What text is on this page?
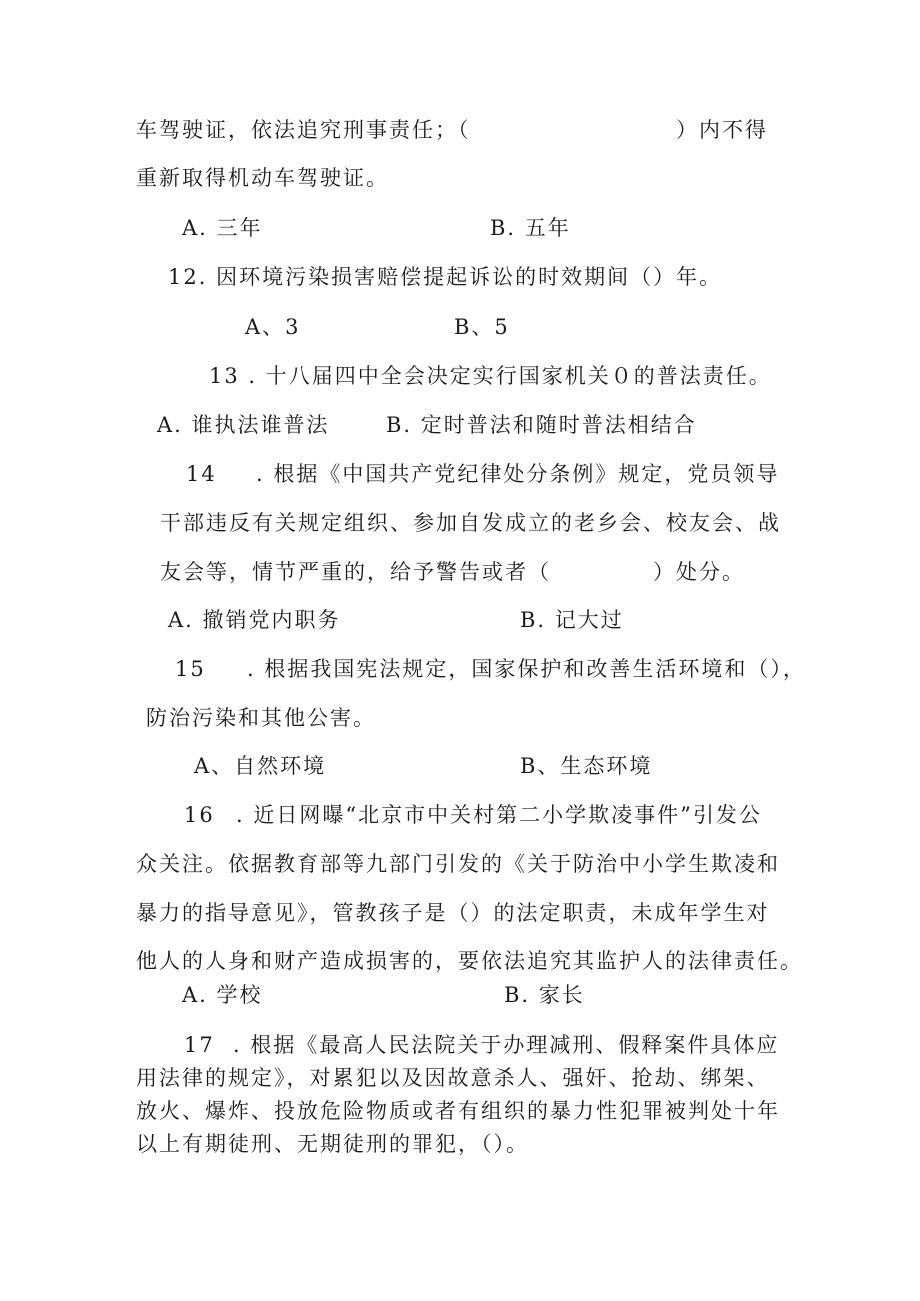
车驾驶证，依法追究刑事责任；（	）内不得
重新取得机动车驾驶证。
A. 三年	B. 五年
12. 因环境污染损害赔偿提起诉讼的时效期间（）年。
A、3	B、5
13 . 十八届四中全会决定实行国家机关０的普法责任。
A. 谁执法谁普法	B. 定时普法和随时普法相结合
14 . 根据《中国共产党纪律处分条例》规定，党员领导
干部违反有关规定组织、参加自发成立的老乡会、校友会、战
友会等，情节严重的，给予警告或者（	）处分。
A. 撤销党内职务	B. 记大过
15 . 根据我国宪法规定，国家保护和改善生活环境和（），
防治污染和其他公害。
A、自然环境	B、生态环境
16 . 近日网曝“北京市中关村第二小学欺凌事件”引发公
众关注。依据教育部等九部门引发的《关于防治中小学生欺凌和
暴力的指导意见》，管教孩子是（）的法定职责，未成年学生对
他人的人身和财产造成损害的，要依法追究其监护人的法律责任。
A. 学校	B. 家长
17 . 根据《最高人民法院关于办理减刑、假释案件具体应
用法律的规定》，对累犯以及因故意杀人、强奸、抢劫、绑架、
放火、爆炸、投放危险物质或者有组织的暴力性犯罪被判处十年
以上有期徒刑、无期徒刑的罪犯，（）。
